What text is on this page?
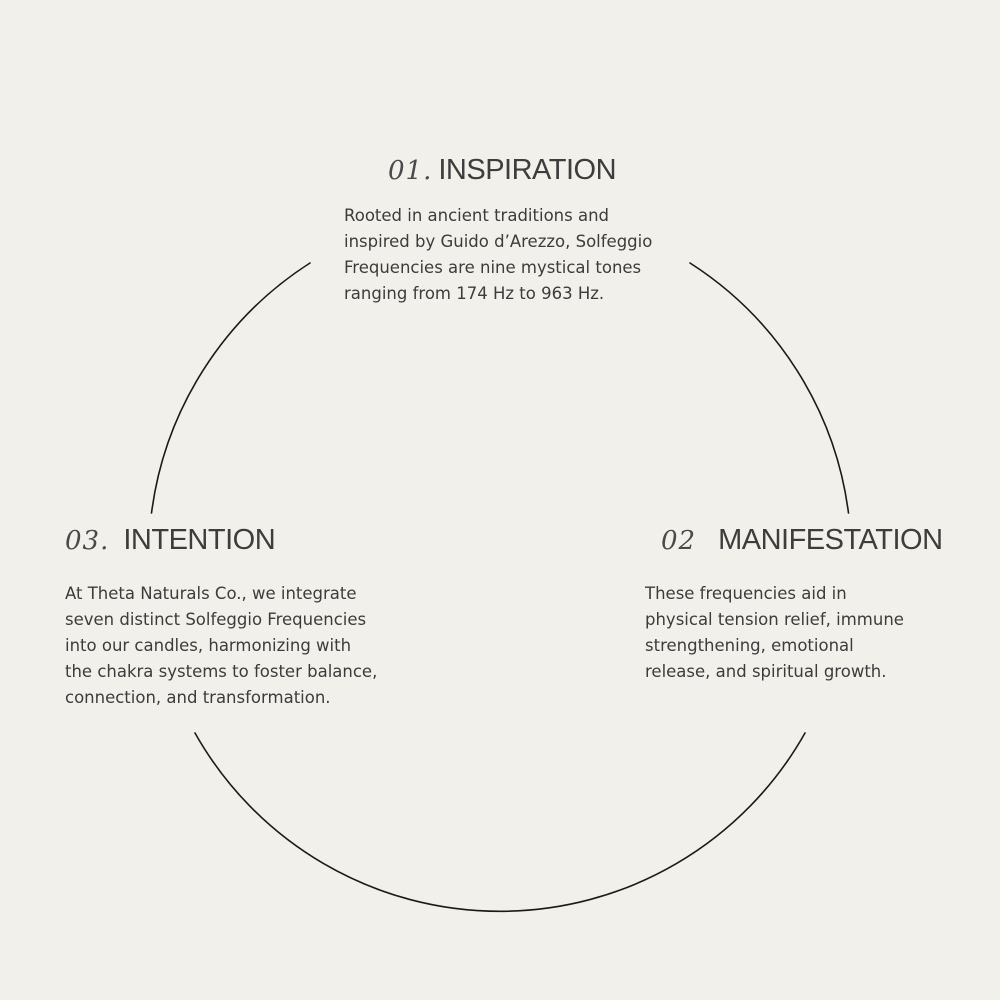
01. INSPIRATION

Rooted in ancient traditions and
inspired by Guido d’Arezzo, Solfeggio
Frequencies are nine mystical tones
ranging from 174 Hz to 963 Hz.

02 MANIFESTATION

These frequencies aid in
physical tension relief, immune
strengthening, emotional
release, and spiritual growth.

03. INTENTION

At Theta Naturals Co., we integrate
seven distinct Solfeggio Frequencies
into our candles, harmonizing with
the chakra systems to foster balance,
connection, and transformation.
